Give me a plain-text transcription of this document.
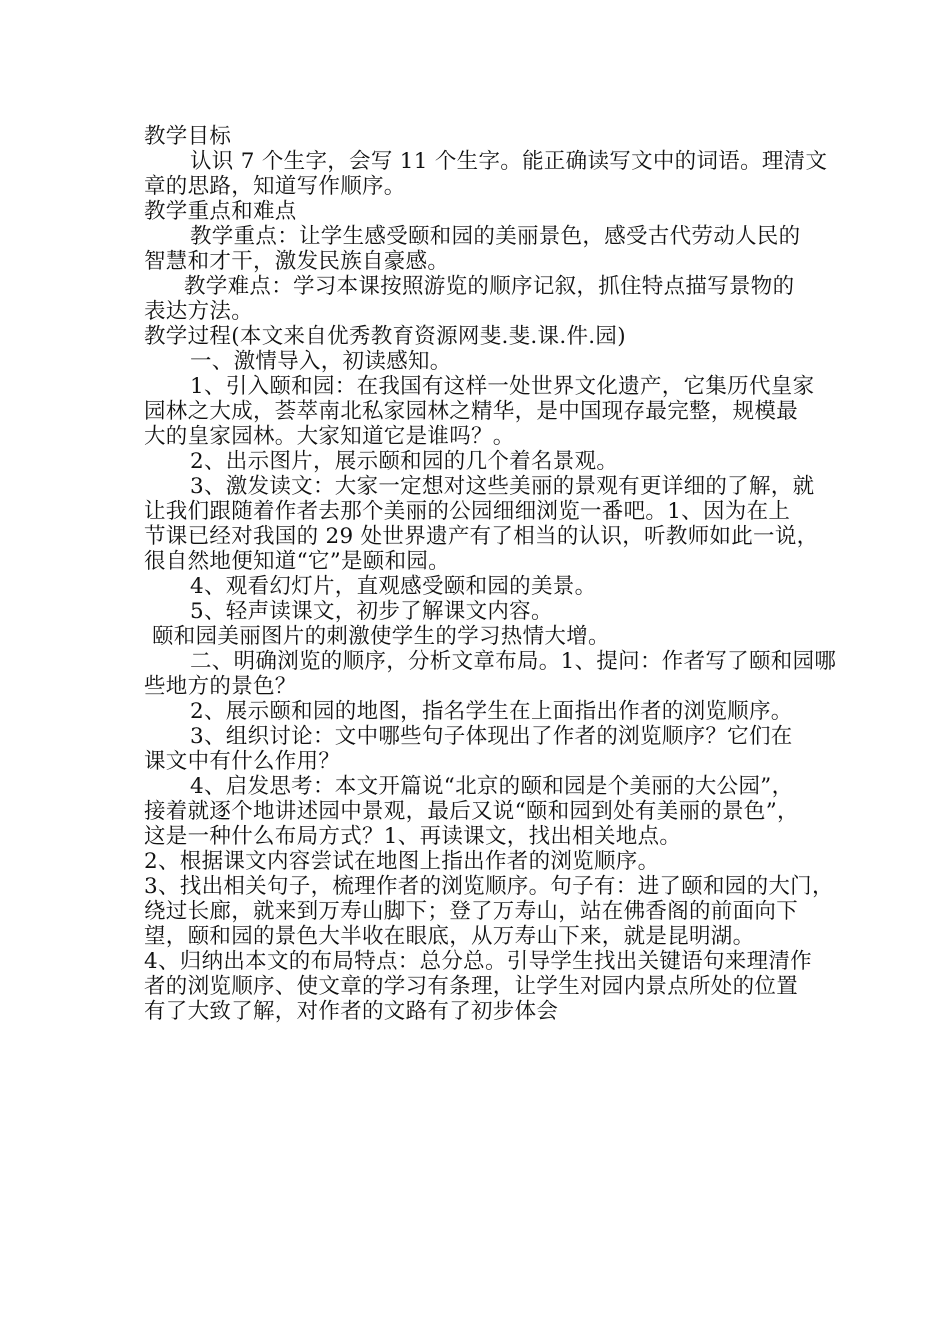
教学目标
认识 7 个生字，会写 11 个生字。能正确读写文中的词语。理清文
章的思路，知道写作顺序。
教学重点和难点
教学重点：让学生感受颐和园的美丽景色，感受古代劳动人民的
智慧和才干，激发民族自豪感。
教学难点：学习本课按照游览的顺序记叙，抓住特点描写景物的
表达方法。
教学过程(本文来自优秀教育资源网斐.斐.课.件.园)
一、激情导入，初读感知。
1、引入颐和园：在我国有这样一处世界文化遗产，它集历代皇家
园林之大成，荟萃南北私家园林之精华，是中国现存最完整，规模最
大的皇家园林。大家知道它是谁吗？。
2、出示图片，展示颐和园的几个着名景观。
3、激发读文：大家一定想对这些美丽的景观有更详细的了解，就
让我们跟随着作者去那个美丽的公园细细浏览一番吧。1、因为在上
节课已经对我国的 29 处世界遗产有了相当的认识，听教师如此一说，
很自然地便知道“它”是颐和园。
4、观看幻灯片，直观感受颐和园的美景。
5、轻声读课文，初步了解课文内容。
颐和园美丽图片的刺激使学生的学习热情大增。
二、明确浏览的顺序，分析文章布局。1、提问：作者写了颐和园哪
些地方的景色？
2、展示颐和园的地图，指名学生在上面指出作者的浏览顺序。
3、组织讨论：文中哪些句子体现出了作者的浏览顺序？它们在
课文中有什么作用？
4、启发思考：本文开篇说“北京的颐和园是个美丽的大公园”，
接着就逐个地讲述园中景观，最后又说“颐和园到处有美丽的景色”，
这是一种什么布局方式？1、再读课文，找出相关地点。
2、根据课文内容尝试在地图上指出作者的浏览顺序。
3、找出相关句子，梳理作者的浏览顺序。句子有：进了颐和园的大门，
绕过长廊，就来到万寿山脚下；登了万寿山，站在佛香阁的前面向下
望，颐和园的景色大半收在眼底，从万寿山下来，就是昆明湖。
4、归纳出本文的布局特点：总分总。引导学生找出关键语句来理清作
者的浏览顺序、使文章的学习有条理，让学生对园内景点所处的位置
有了大致了解，对作者的文路有了初步体会
